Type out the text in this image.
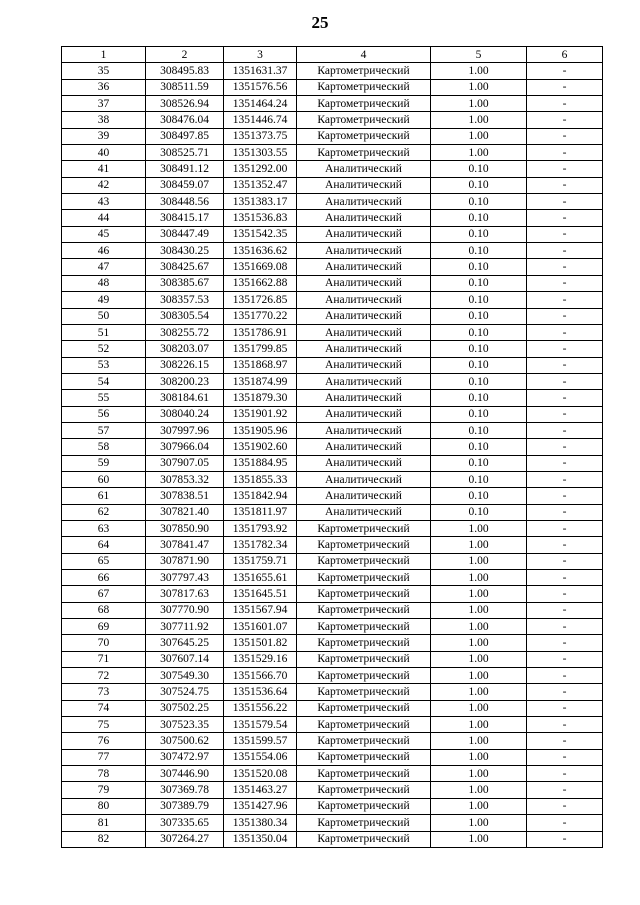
25
1	2	3	4	5	6
35	308495.83	1351631.37	Картометрический	1.00	-
36	308511.59	1351576.56	Картометрический	1.00	-
37	308526.94	1351464.24	Картометрический	1.00	-
38	308476.04	1351446.74	Картометрический	1.00	-
39	308497.85	1351373.75	Картометрический	1.00	-
40	308525.71	1351303.55	Картометрический	1.00	-
41	308491.12	1351292.00	Аналитический	0.10	-
42	308459.07	1351352.47	Аналитический	0.10	-
43	308448.56	1351383.17	Аналитический	0.10	-
44	308415.17	1351536.83	Аналитический	0.10	-
45	308447.49	1351542.35	Аналитический	0.10	-
46	308430.25	1351636.62	Аналитический	0.10	-
47	308425.67	1351669.08	Аналитический	0.10	-
48	308385.67	1351662.88	Аналитический	0.10	-
49	308357.53	1351726.85	Аналитический	0.10	-
50	308305.54	1351770.22	Аналитический	0.10	-
51	308255.72	1351786.91	Аналитический	0.10	-
52	308203.07	1351799.85	Аналитический	0.10	-
53	308226.15	1351868.97	Аналитический	0.10	-
54	308200.23	1351874.99	Аналитический	0.10	-
55	308184.61	1351879.30	Аналитический	0.10	-
56	308040.24	1351901.92	Аналитический	0.10	-
57	307997.96	1351905.96	Аналитический	0.10	-
58	307966.04	1351902.60	Аналитический	0.10	-
59	307907.05	1351884.95	Аналитический	0.10	-
60	307853.32	1351855.33	Аналитический	0.10	-
61	307838.51	1351842.94	Аналитический	0.10	-
62	307821.40	1351811.97	Аналитический	0.10	-
63	307850.90	1351793.92	Картометрический	1.00	-
64	307841.47	1351782.34	Картометрический	1.00	-
65	307871.90	1351759.71	Картометрический	1.00	-
66	307797.43	1351655.61	Картометрический	1.00	-
67	307817.63	1351645.51	Картометрический	1.00	-
68	307770.90	1351567.94	Картометрический	1.00	-
69	307711.92	1351601.07	Картометрический	1.00	-
70	307645.25	1351501.82	Картометрический	1.00	-
71	307607.14	1351529.16	Картометрический	1.00	-
72	307549.30	1351566.70	Картометрический	1.00	-
73	307524.75	1351536.64	Картометрический	1.00	-
74	307502.25	1351556.22	Картометрический	1.00	-
75	307523.35	1351579.54	Картометрический	1.00	-
76	307500.62	1351599.57	Картометрический	1.00	-
77	307472.97	1351554.06	Картометрический	1.00	-
78	307446.90	1351520.08	Картометрический	1.00	-
79	307369.78	1351463.27	Картометрический	1.00	-
80	307389.79	1351427.96	Картометрический	1.00	-
81	307335.65	1351380.34	Картометрический	1.00	-
82	307264.27	1351350.04	Картометрический	1.00	-
